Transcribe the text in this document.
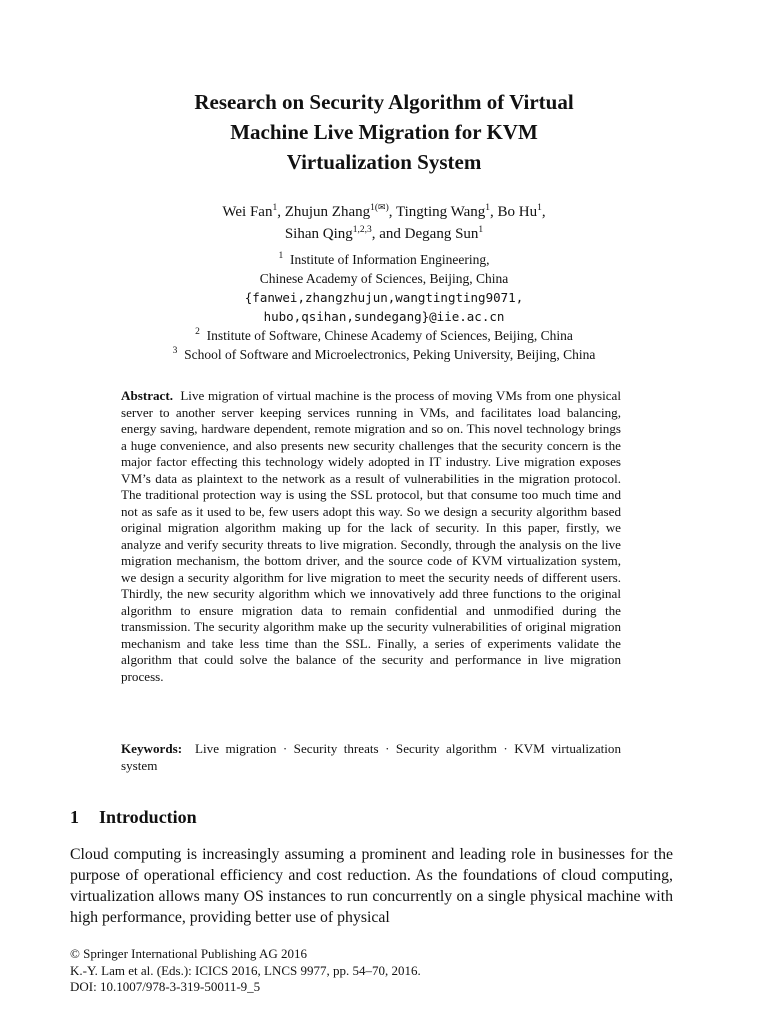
Research on Security Algorithm of Virtual
Machine Live Migration for KVM
Virtualization System
Wei Fan$^1$, Zhujun Zhang$^{1(✉)}$, Tingting Wang$^1$, Bo Hu$^1$,
Sihan Qing$^{1,2,3}$, and Degang Sun$^1$
$^1$ Institute of Information Engineering,
Chinese Academy of Sciences, Beijing, China
{fanwei,zhangzhujun,wangtingting9071,
hubo,qsihan,sundegang}@iie.ac.cn
$^2$ Institute of Software, Chinese Academy of Sciences, Beijing, China
$^3$ School of Software and Microelectronics, Peking University, Beijing, China
Abstract. Live migration of virtual machine is the process of moving VMs from one physical server to another server keeping services running in VMs, and facilitates load balancing, energy saving, hardware dependent, remote migration and so on. This novel technology brings a huge convenience, and also presents new security challenges that the security concern is the major factor effecting this technology widely adopted in IT industry. Live migration exposes VM’s data as plaintext to the network as a result of vulnerabilities in the migration protocol. The traditional protection way is using the SSL protocol, but that consume too much time and not as safe as it used to be, few users adopt this way. So we design a security algorithm based original migration algorithm making up for the lack of security. In this paper, firstly, we analyze and verify security threats to live migration. Secondly, through the analysis on the live migration mechanism, the bottom driver, and the source code of KVM virtualization system, we design a security algorithm for live migration to meet the security needs of different users. Thirdly, the new security algorithm which we innovatively add three functions to the original algorithm to ensure migration data to remain confidential and unmodified during the transmission. The security algorithm make up the security vulnerabilities of original migration mechanism and take less time than the SSL. Finally, a series of experiments validate the algorithm that could solve the balance of the security and performance in live migration process.
Keywords: Live migration · Security threats · Security algorithm · KVM virtualization system
1 Introduction

Cloud computing is increasingly assuming a prominent and leading role in businesses for the purpose of operational efficiency and cost reduction. As the foundations of cloud computing, virtualization allows many OS instances to run concurrently on a single physical machine with high performance, providing better use of physical

© Springer International Publishing AG 2016
K.-Y. Lam et al. (Eds.): ICICS 2016, LNCS 9977, pp. 54–70, 2016.
DOI: 10.1007/978-3-319-50011-9_5
